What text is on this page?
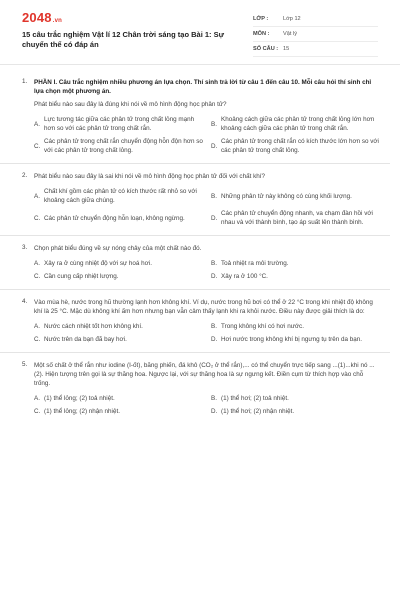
2048.vn
15 câu trắc nghiệm Vật lí 12 Chân trời sáng tạo Bài 1: Sự chuyển thể có đáp án
LỚP :	Lớp 12
MÔN :	Vật lý
SỐ CÂU : 15
1. PHẦN I. Câu trắc nghiệm nhiều phương án lựa chọn. Thí sinh trả lời từ câu 1 đến câu 10. Mỗi câu hỏi thí sinh chỉ lựa chọn một phương án.
Phát biểu nào sau đây là đúng khi nói về mô hình động học phân tử?
A.
Lực tương tác giữa các phân tử trong chất lỏng mạnh hơn so với các phân tử trong chất rắn.
B.
Khoảng cách giữa các phân tử trong chất lỏng lớn hơn khoảng cách giữa các phân tử trong chất rắn.
C.
Các phân tử trong chất rắn chuyển động hỗn độn hơn so với các phân tử trong chất lỏng.
D.
Các phân tử trong chất rắn có kích thước lớn hơn so với các phân tử trong chất lỏng.
2. Phát biểu nào sau đây là sai khi nói về mô hình động học phân tử đối với chất khí?
A.
Chất khí gồm các phân tử có kích thước rất nhỏ so với khoảng cách giữa chúng.
B. Những phân tử này không có cùng khối lượng.
C. Các phân tử chuyển động hỗn loạn, không ngừng.	D.
Các phân tử chuyển động nhanh, va chạm đàn hồi với nhau và với thành bình, tạo áp suất lên thành bình.
3. Chọn phát biểu đúng về sự nóng chảy của một chất nào đó.
A. Xảy ra ở cùng nhiệt độ với sự hoá hơi.	B. Toả nhiệt ra môi trường.
C. Cần cung cấp nhiệt lượng.	D. Xảy ra ở 100 °C.
4. Vào mùa hè, nước trong hũ thường lạnh hơn không khí. Ví dụ, nước trong hũ bơi có thể ở 22 °C trong khi nhiệt độ không khí là 25 °C. Mặc dù không khí ấm hơn nhưng bạn vẫn cảm thấy lạnh khi ra khỏi nước. Điều này được giải thích là do:
A. Nước cách nhiệt tốt hơn không khí.	B. Trong không khí có hơi nước.
C. Nước trên da bạn đã bay hơi.	D. Hơi nước trong không khí bị ngưng tụ trên da bạn.
5. Một số chất ở thể rắn như iodine (I-ốt), băng phiến, đá khô (CO₂ ở thể rắn),... có thể chuyển trực tiếp sang ...(1)...khi nó ...(2). Hiện tượng trên gọi là sự thăng hoa. Ngược lại, với sự thăng hoa là sự ngưng kết. Điền cụm từ thích hợp vào chỗ trống.
A. (1) thể lỏng; (2) toả nhiệt.	B. (1) thể hơi; (2) toả nhiệt.
C. (1) thể lỏng; (2) nhận nhiệt.	D. (1) thể hơi; (2) nhận nhiệt.
